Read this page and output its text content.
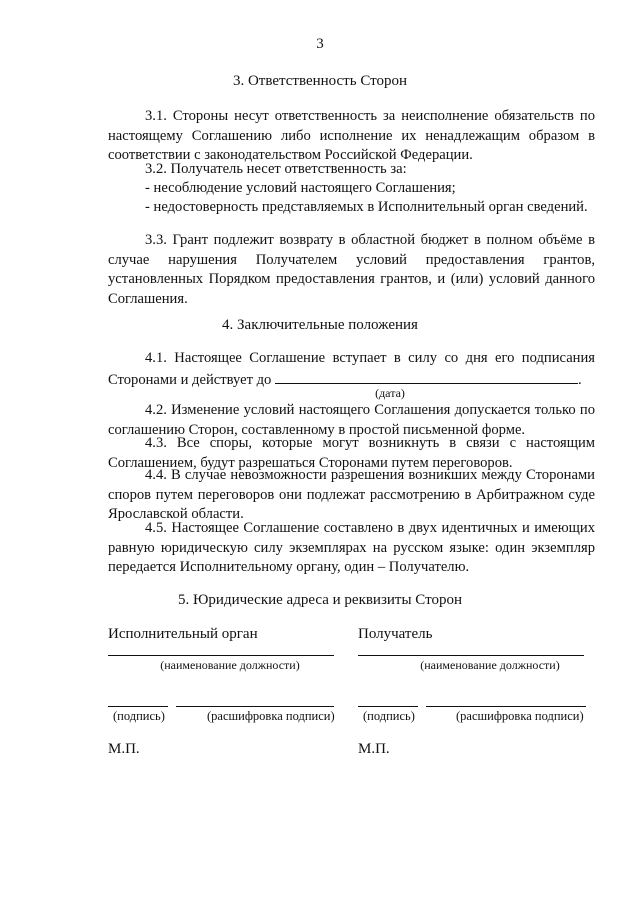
3
3. Ответственность Сторон

3.1. Стороны несут ответственность за неисполнение обязательств по настоящему Соглашению либо исполнение их ненадлежащим образом в соответствии с законодательством Российской Федерации.

3.2. Получатель несет ответственность за:

- несоблюдение условий настоящего Соглашения;

- недостоверность представляемых в Исполнительный орган сведений.

3.3. Грант подлежит возврату в областной бюджет в полном объёме в случае нарушения Получателем условий предоставления грантов, установленных Порядком предоставления грантов, и (или) условий данного Соглашения.

4. Заключительные положения
4.1. Настоящее Соглашение вступает в силу со дня его подписания
Сторонами и действует до	.
(дата)

4.2. Изменение условий настоящего Соглашения допускается только по соглашению Сторон, составленному в простой письменной форме.

4.3. Все споры, которые могут возникнуть в связи с настоящим Соглашением, будут разрешаться Сторонами путем переговоров.

4.4. В случае невозможности разрешения возникших между Сторонами споров путем переговоров они подлежат рассмотрению в Арбитражном суде Ярославской области.

4.5. Настоящее Соглашение составлено в двух идентичных и имеющих равную юридическую силу экземплярах на русском языке: один экземпляр передается Исполнительному органу, один – Получателю.

5. Юридические адреса и реквизиты Сторон
Исполнительный орган
(наименование должности)
(подпись)	(расшифровка подписи)
М.П.
Получатель
(наименование должности)
(подпись)	(расшифровка подписи)
М.П.
